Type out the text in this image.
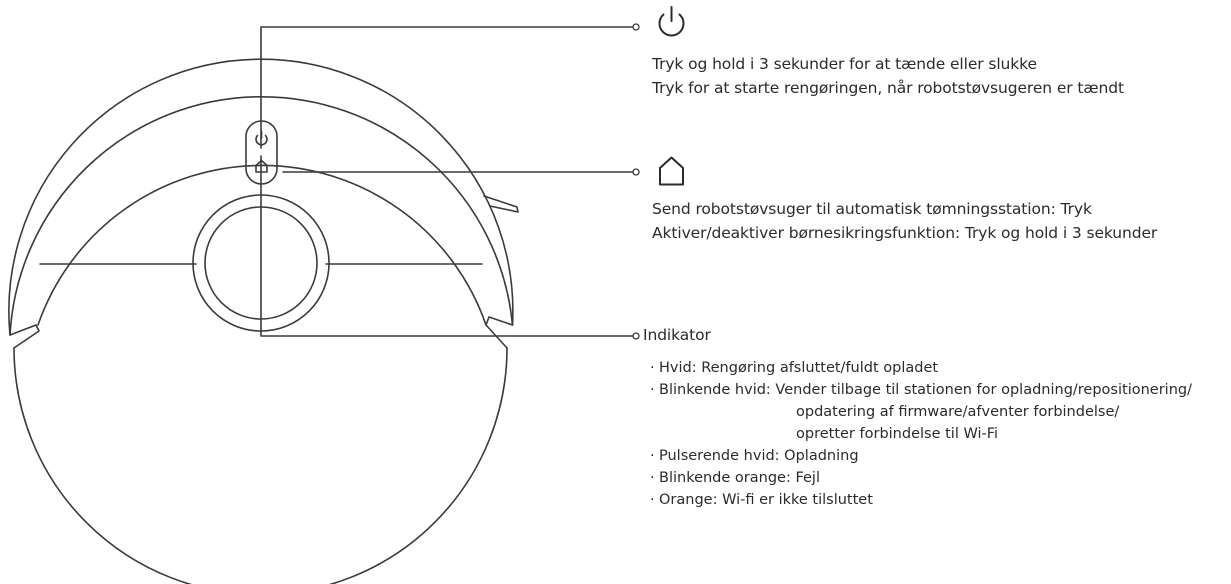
Tryk og hold i 3 sekunder for at tænde eller slukke
Tryk for at starte rengøringen, når robotstøvsugeren er tændt
Send robotstøvsuger til automatisk tømningsstation: Tryk
Aktiver/deaktiver børnesikringsfunktion: Tryk og hold i 3 sekunder
Indikator
· Hvid: Rengøring afsluttet/fuldt opladet
· Blinkende hvid: Vender tilbage til stationen for opladning/repositionering/
opdatering af firmware/afventer forbindelse/
opretter forbindelse til Wi-Fi
· Pulserende hvid: Opladning
· Blinkende orange: Fejl
· Orange: Wi-fi er ikke tilsluttet
